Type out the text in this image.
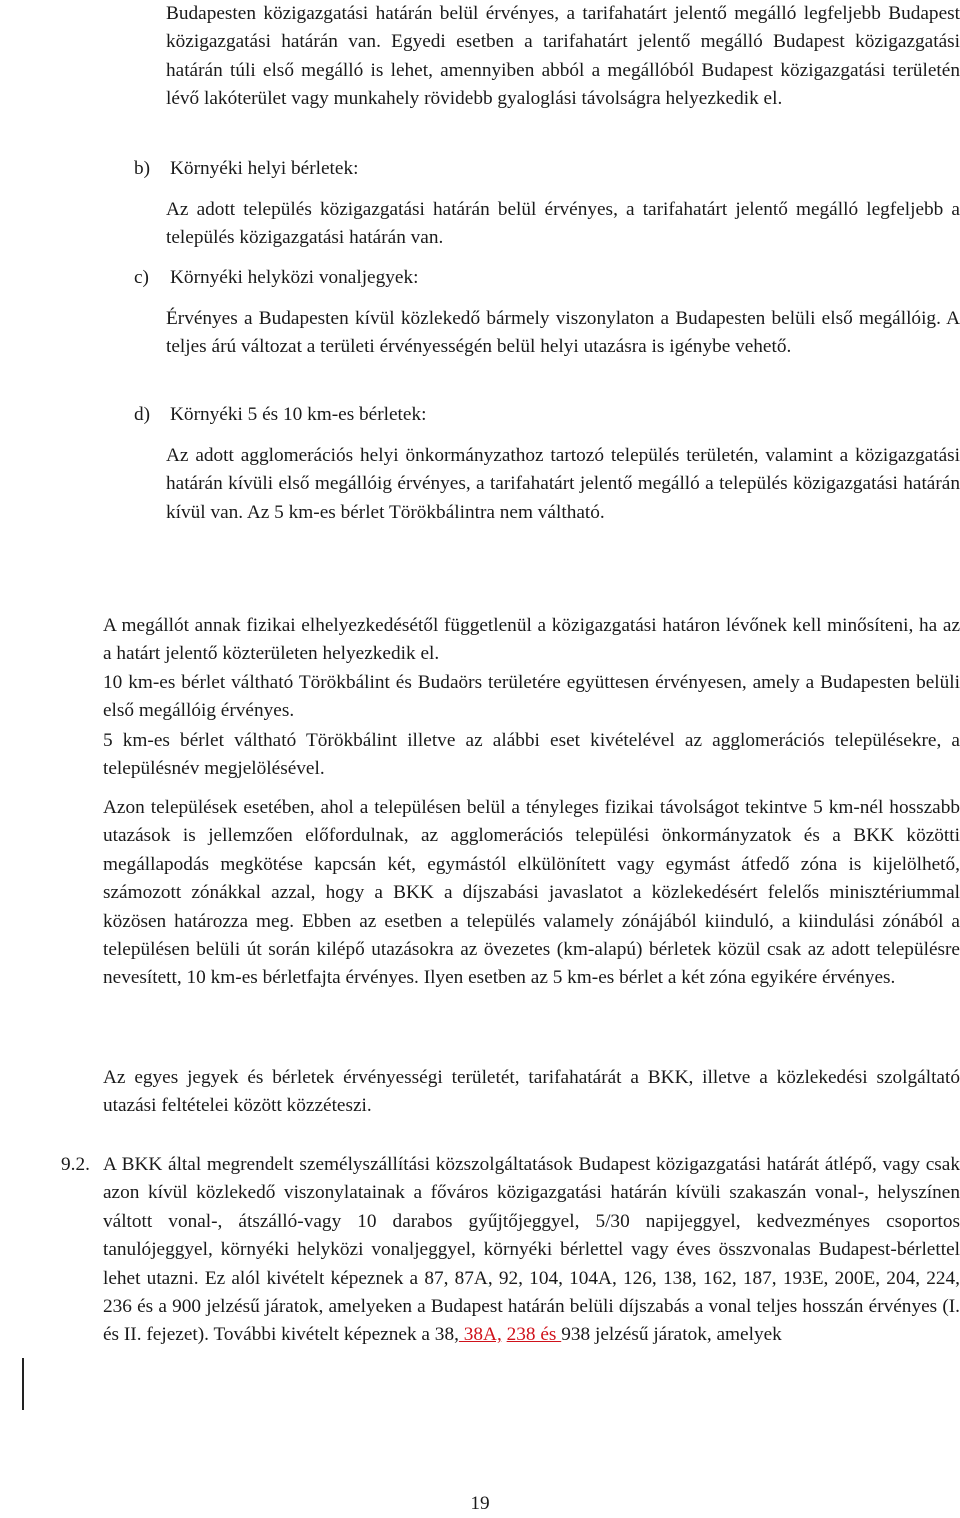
Budapesten közigazgatási határán belül érvényes, a tarifahatárt jelentő megálló legfeljebb Budapest közigazgatási határán van. Egyedi esetben a tarifahatárt jelentő megálló Budapest közigazgatási határán túli első megálló is lehet, amennyiben abból a megállóból Budapest közigazgatási területén lévő lakóterület vagy munkahely rövidebb gyaloglási távolságra helyezkedik el.

b) Környéki helyi bérletek:

Az adott település közigazgatási határán belül érvényes, a tarifahatárt jelentő megálló legfeljebb a település közigazgatási határán van.

c) Környéki helyközi vonaljegyek:

Érvényes a Budapesten kívül közlekedő bármely viszonylaton a Budapesten belüli első megállóig. A teljes árú változat a területi érvényességén belül helyi utazásra is igénybe vehető.

d) Környéki 5 és 10 km-es bérletek:

Az adott agglomerációs helyi önkormányzathoz tartozó település területén, valamint a közigazgatási határán kívüli első megállóig érvényes, a tarifahatárt jelentő megálló a település közigazgatási határán kívül van. Az 5 km-es bérlet Törökbálintra nem váltható.

A megállót annak fizikai elhelyezkedésétől függetlenül a közigazgatási határon lévőnek kell minősíteni, ha az a határt jelentő közterületen helyezkedik el.

10 km-es bérlet váltható Törökbálint és Budaörs területére együttesen érvényesen, amely a Budapesten belüli első megállóig érvényes.

5 km-es bérlet váltható Törökbálint illetve az alábbi eset kivételével az agglomerációs településekre, a településnév megjelölésével.

Azon települések esetében, ahol a településen belül a tényleges fizikai távolságot tekintve 5 km-nél hosszabb utazások is jellemzően előfordulnak, az agglomerációs települési önkormányzatok és a BKK közötti megállapodás megkötése kapcsán két, egymástól elkülönített vagy egymást átfedő zóna is kijelölhető, számozott zónákkal azzal, hogy a BKK a díjszabási javaslatot a közlekedésért felelős minisztériummal közösen határozza meg. Ebben az esetben a település valamely zónájából kiinduló, a kiindulási zónából a településen belüli út során kilépő utazásokra az övezetes (km-alapú) bérletek közül csak az adott településre nevesített, 10 km-es bérletfajta érvényes. Ilyen esetben az 5 km-es bérlet a két zóna egyikére érvényes.

Az egyes jegyek és bérletek érvényességi területét, tarifahatárát a BKK, illetve a közlekedési szolgáltató utazási feltételei között közzéteszi.

9.2. A BKK által megrendelt személyszállítási közszolgáltatások Budapest közigazgatási határát átlépő, vagy csak azon kívül közlekedő viszonylatainak a főváros közigazgatási határán kívüli szakaszán vonal-, helyszínen váltott vonal-, átszálló-vagy 10 darabos gyűjtőjeggyel, 5/30 napijeggyel, kedvezményes csoportos tanulójeggyel, környéki helyközi vonaljeggyel, környéki bérlettel vagy éves összvonalas Budapest-bérlettel lehet utazni. Ez alól kivételt képeznek a 87, 87A, 92, 104, 104A, 126, 138, 162, 187, 193E, 200E, 204, 224, 236 és a 900 jelzésű járatok, amelyeken a Budapest határán belüli díjszabás a vonal teljes hosszán érvényes (I. és II. fejezet). További kivételt képeznek a 38, 38A, 238 és 938 jelzésű járatok, amelyek

19
